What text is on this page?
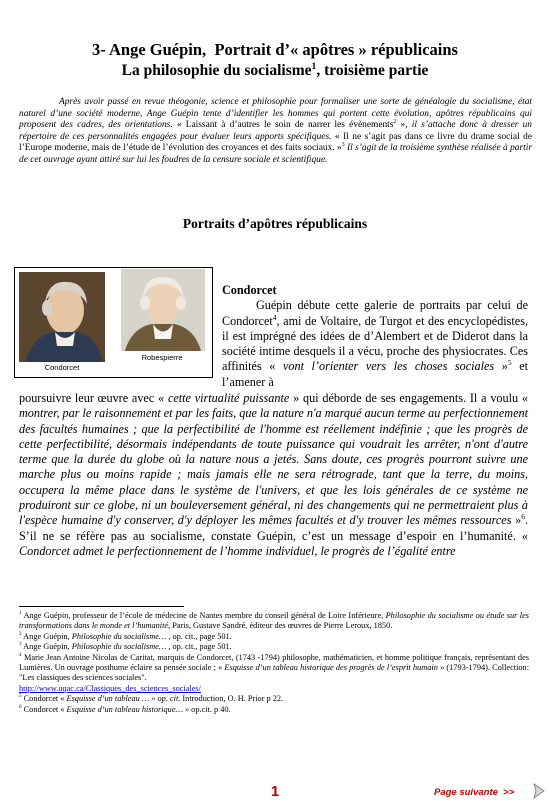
3- Ange Guépin, Portrait d’« apôtres » républicains
La philosophie du socialisme$^1$, troisième partie

Après avoir passé en revue théogonie, science et philosophie pour formaliser une sorte de généalogie du socialisme, état naturel d’une société moderne, Ange Guépin tente d’identifier les hommes qui portent cette évolution, apôtres républicains qui proposent des cadres, des orientations. « Laissant à d’autres le soin de narrer les évènements$^2$ », il s’attache donc à dresser un répertoire de ces personnalités engagées pour évaluer leurs apports spécifiques. « Il ne s’agit pas dans ce livre du drame social de l’Europe moderne, mais de l’étude de l’évolution des croyances et des faits sociaux. »$^3$ Il s’agit de la troisième synthèse réalisée à partir de cet ouvrage ayant attiré sur lui les foudres de la censure sociale et scientifique.

Portraits d’apôtres républicains
Condorcet
Robespierre

Condorcet
Guépin débute cette galerie de portraits par celui de Condorcet$^4$, ami de Voltaire, de Turgot et des encyclopédistes, il est imprégné des idées de d’Alembert et de Diderot dans la société intime desquels il a vécu, proche des physiocrates. Ces affinités « vont l’orienter vers les choses sociales »$^5$ et l’amener à

poursuivre leur œuvre avec « cette virtualité puissante » qui déborde de ses engagements. Il a voulu « montrer, par le raisonnement et par les faits, que la nature n'a marqué aucun terme au perfectionnement des facultés humaines ; que la perfectibilité de l'homme est réellement indéfinie ; que les progrès de cette perfectibilité, désormais indépendants de toute puissance qui voudrait les arrêter, n'ont d'autre terme que la durée du globe où la nature nous a jetés. Sans doute, ces progrès pourront suivre une marche plus ou moins rapide ; mais jamais elle ne sera rétrograde, tant que la terre, du moins, occupera la même place dans le système de l'univers, et que les lois générales de ce système ne produiront sur ce globe, ni un bouleversement général, ni des changements qui ne permettraient plus à l'espèce humaine d'y conserver, d'y déployer les mêmes facultés et d'y trouver les mêmes ressources »$^6$. S’il ne se réfère pas au socialisme, constate Guépin, c’est un message d’espoir en l’humanité. « Condorcet admet le perfectionnement de l’homme individuel, le progrès de l’égalité entre

$^1$ Ange Guépin, professeur de l’école de médecine de Nantes membre du conseil général de Loire Inférieure, Philosophie du socialisme ou étude sur les transformations dans le monde et l’humanité, Paris, Gustave Sandré, éditeur des œuvres de Pierre Leroux, 1850.

$^2$ Ange Guépin, Philosophie du socialisme… , op. cit., page 501.

$^3$ Ange Guépin, Philosophie du socialisme… , op. cit., page 501.

$^4$ Marie Jean Antoine Nicolas de Caritat, marquis de Condorcet, (1743 -1794) philosophe, mathématicien, et homme politique français, représentant des Lumières. Un ouvrage posthume éclaire sa pensée sociale ; « Esquisse d’un tableau historique des progrès de l’esprit humain » (1793-1794). Collection: "Les classiques des sciences sociales".
http://www.uqac.ca/Classiques_des_sciences_sociales/

$^5$ Condorcet « Esquisse d’un tableau … » op. cit. Introduction, O. H. Prior p 22.

$^6$ Condorcet « Esquisse d’un tableau historique… » op.cit. p 40.

1	Page suivante >>
